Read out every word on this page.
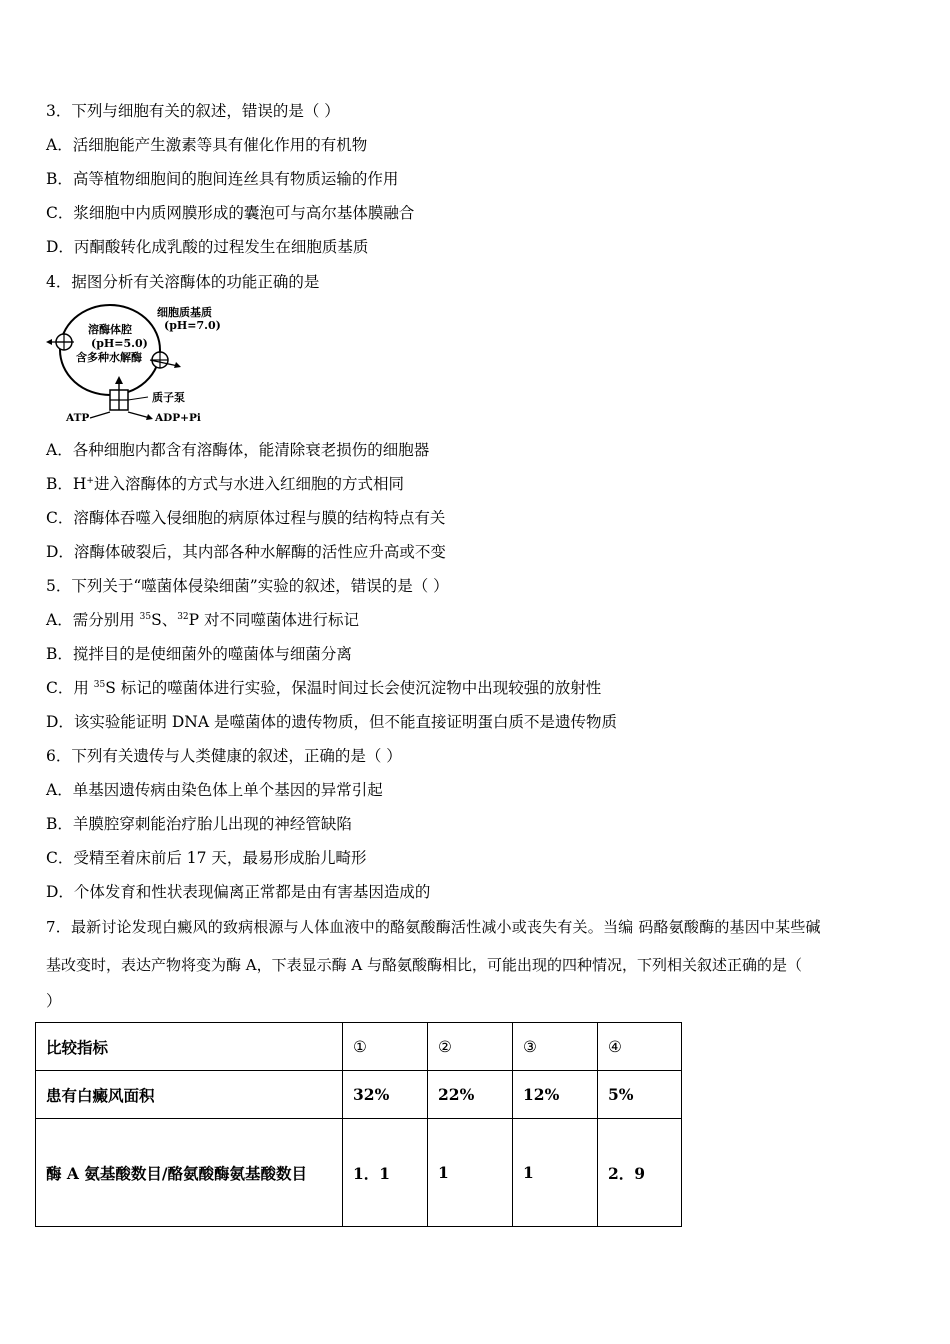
3．下列与细胞有关的叙述，错误的是（ ）
A．活细胞能产生激素等具有催化作用的有机物
B．高等植物细胞间的胞间连丝具有物质运输的作用
C．浆细胞中内质网膜形成的囊泡可与高尔基体膜融合
D．丙酮酸转化成乳酸的过程发生在细胞质基质
4．据图分析有关溶酶体的功能正确的是
细胞质基质
(pH=7.0)
溶酶体腔
(pH=5.0)
含多种水解酶
质子泵
ATP	ADP+Pi
A．各种细胞内都含有溶酶体，能清除衰老损伤的细胞器
B．H+进入溶酶体的方式与水进入红细胞的方式相同
C．溶酶体吞噬入侵细胞的病原体过程与膜的结构特点有关
D．溶酶体破裂后，其内部各种水解酶的活性应升高或不变
5．下列关于“噬菌体侵染细菌”实验的叙述，错误的是（ ）
A．需分别用 $^{35}$S、$^{32}$P 对不同噬菌体进行标记
B．搅拌目的是使细菌外的噬菌体与细菌分离
C．用 $^{35}$S 标记的噬菌体进行实验，保温时间过长会使沉淀物中出现较强的放射性
D．该实验能证明 DNA 是噬菌体的遗传物质，但不能直接证明蛋白质不是遗传物质
6．下列有关遗传与人类健康的叙述，正确的是（ ）
A．单基因遗传病由染色体上单个基因的异常引起
B．羊膜腔穿刺能治疗胎儿出现的神经管缺陷
C．受精至着床前后 17 天，最易形成胎儿畸形
D．个体发育和性状表现偏离正常都是由有害基因造成的
7．最新讨论发现白癜风的致病根源与人体血液中的酪氨酸酶活性减小或丧失有关。当编 码酪氨酸酶的基因中某些碱
基改变时，表达产物将变为酶 A，下表显示酶 A 与酪氨酸酶相比，可能出现的四种情况，下列相关叙述正确的是（
）
比较指标	①	②	③	④
患有白癜风面积	32%	22%	12%	5%
酶 A 氨基酸数目/酪氨酸酶氨基酸数目	1．1	1	1	2．9
